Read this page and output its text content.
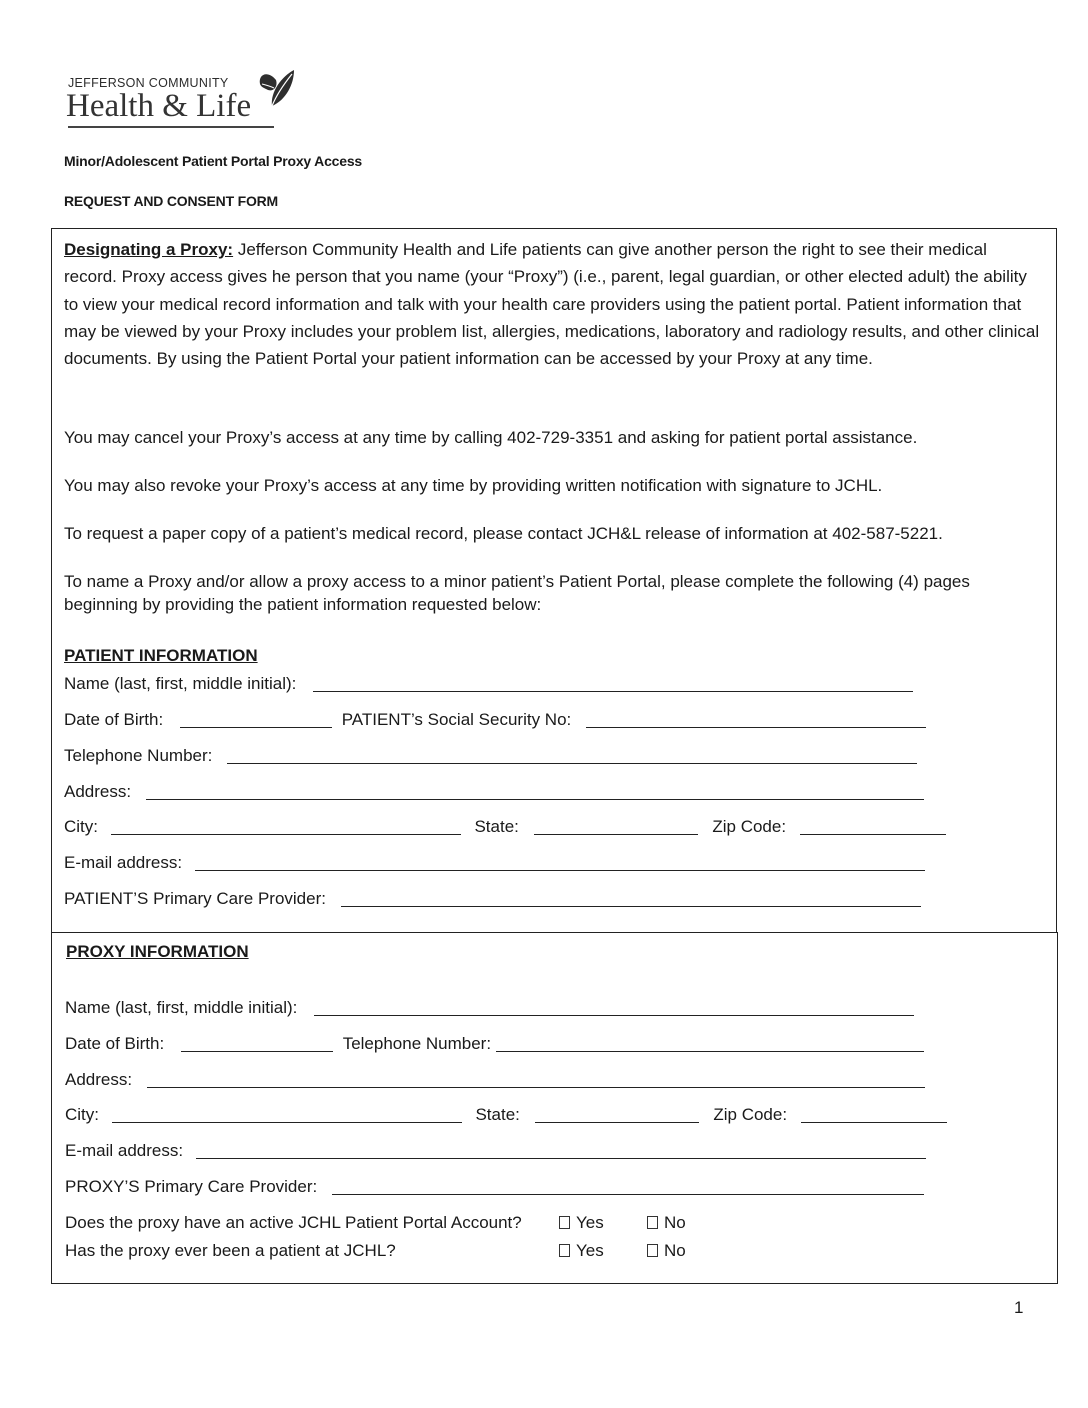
JEFFERSON COMMUNITY
Health & Life
Minor/Adolescent Patient Portal Proxy Access
REQUEST AND CONSENT FORM

Designating a Proxy: Jefferson Community Health and Life patients can give another person the right to see their medical record. Proxy access gives he person that you name (your “Proxy”) (i.e., parent, legal guardian, or other elected adult) the ability to view your medical record information and talk with your health care providers using the patient portal. Patient information that may be viewed by your Proxy includes your problem list, allergies, medications, laboratory and radiology results, and other clinical documents. By using the Patient Portal your patient information can be accessed by your Proxy at any time.

You may cancel your Proxy’s access at any time by calling 402-729-3351 and asking for patient portal assistance.

You may also revoke your Proxy’s access at any time by providing written notification with signature to JCHL.

To request a paper copy of a patient’s medical record, please contact JCH&L release of information at 402-587-5221.

To name a Proxy and/or allow a proxy access to a minor patient’s Patient Portal, please complete the following (4) pages beginning by providing the patient information requested below:

PATIENT INFORMATION
Name (last, first, middle initial):
Date of Birth:	PATIENT’s Social Security No:
Telephone Number:
Address:
City:	State:	Zip Code:
E-mail address:
PATIENT’S Primary Care Provider:
PROXY INFORMATION
Name (last, first, middle initial):
Date of Birth:	Telephone Number:
Address:
City:	State:	Zip Code:
E-mail address:
PROXY’S Primary Care Provider:
Does the proxy have an active JCHL Patient Portal Account?	Yes	No
Has the proxy ever been a patient at JCHL?	Yes	No
1
